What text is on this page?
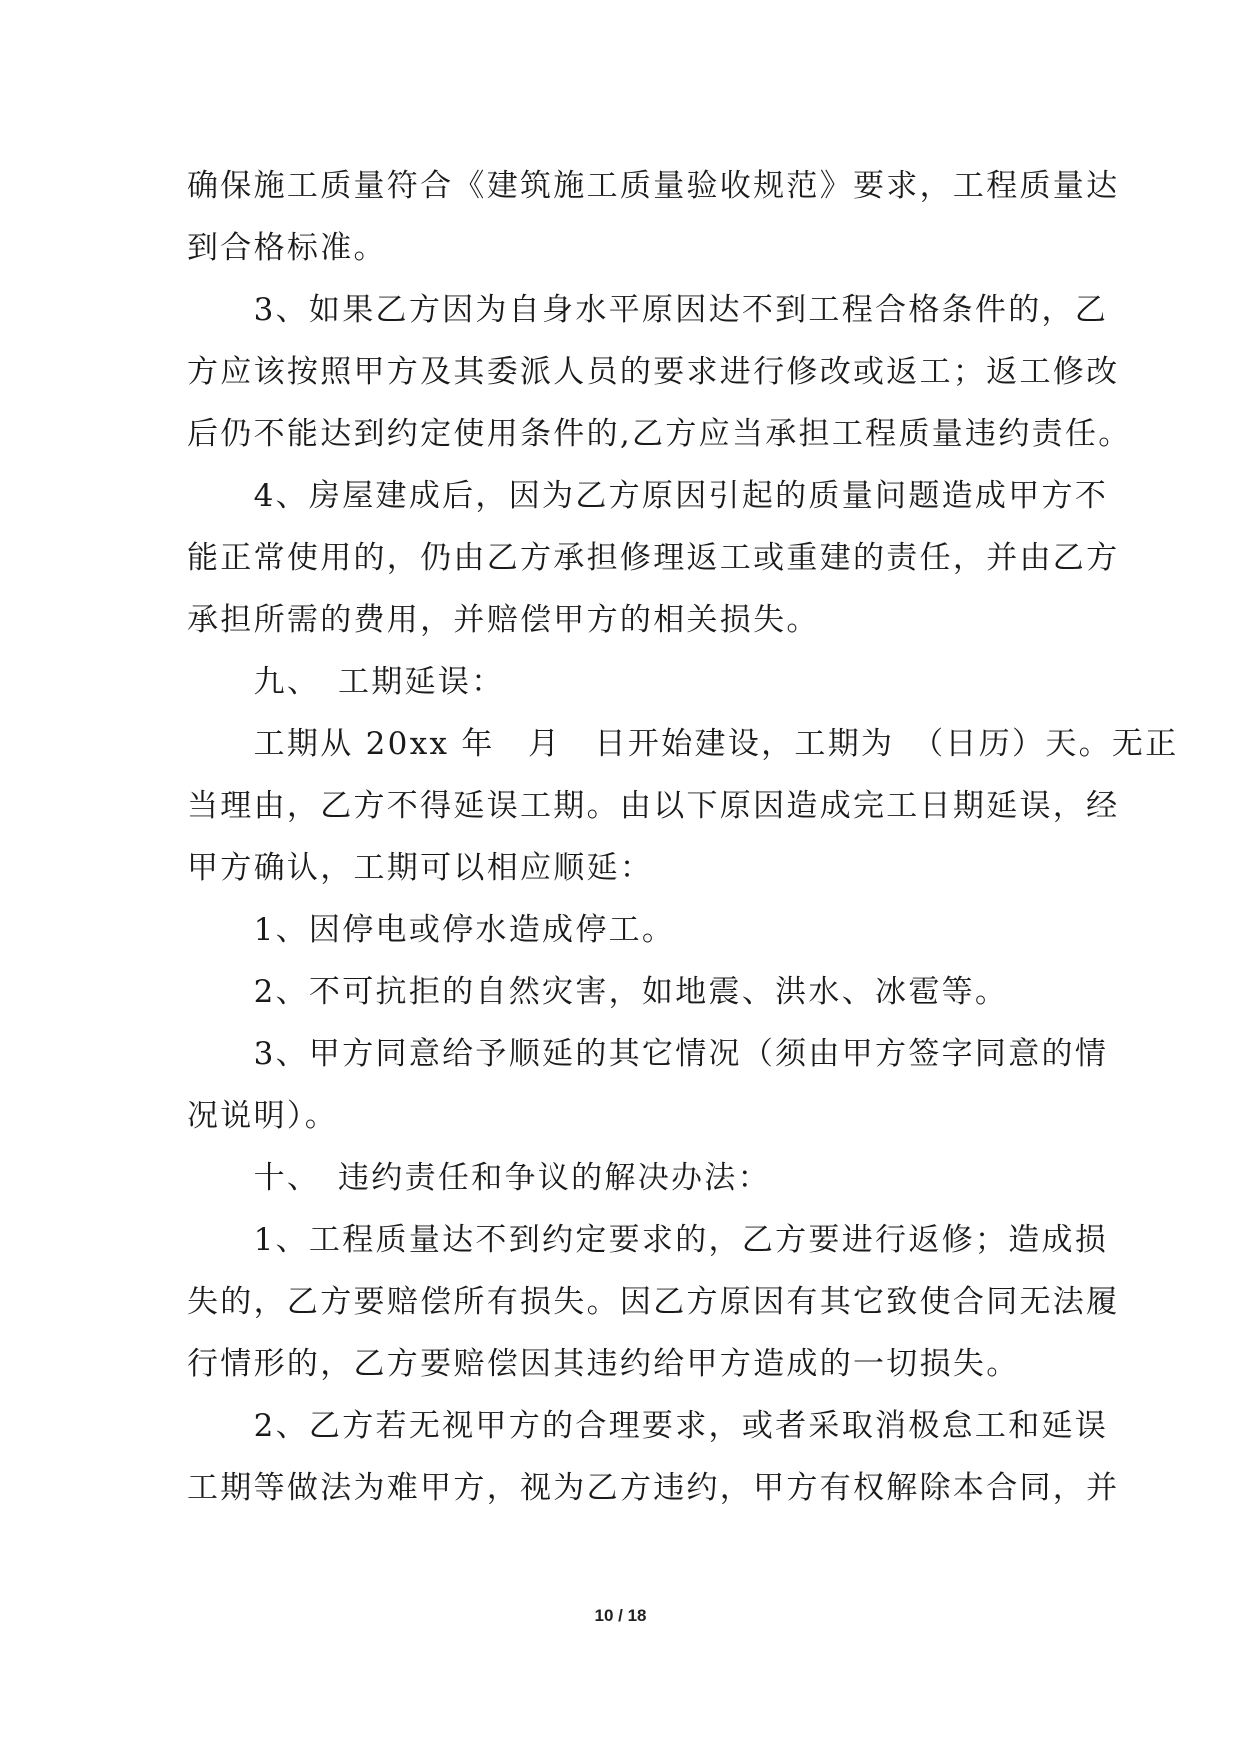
确保施工质量符合《建筑施工质量验收规范》要求，工程质量达
到合格标准。
　　3、如果乙方因为自身水平原因达不到工程合格条件的，乙
方应该按照甲方及其委派人员的要求进行修改或返工；返工修改
后仍不能达到约定使用条件的,乙方应当承担工程质量违约责任。
　　4、房屋建成后，因为乙方原因引起的质量问题造成甲方不
能正常使用的，仍由乙方承担修理返工或重建的责任，并由乙方
承担所需的费用，并赔偿甲方的相关损失。
　　九、　工期延误：
　　工期从 20xx 年　月　日开始建设，工期为　（日历）天。无正
当理由，乙方不得延误工期。由以下原因造成完工日期延误，经
甲方确认，工期可以相应顺延：
　　1、因停电或停水造成停工。
　　2、不可抗拒的自然灾害，如地震、洪水、冰雹等。
　　3、甲方同意给予顺延的其它情况（须由甲方签字同意的情
况说明）。
　　十、　违约责任和争议的解决办法：
　　1、工程质量达不到约定要求的，乙方要进行返修；造成损
失的，乙方要赔偿所有损失。因乙方原因有其它致使合同无法履
行情形的，乙方要赔偿因其违约给甲方造成的一切损失。
　　2、乙方若无视甲方的合理要求，或者采取消极怠工和延误
工期等做法为难甲方，视为乙方违约，甲方有权解除本合同，并
10 / 18
